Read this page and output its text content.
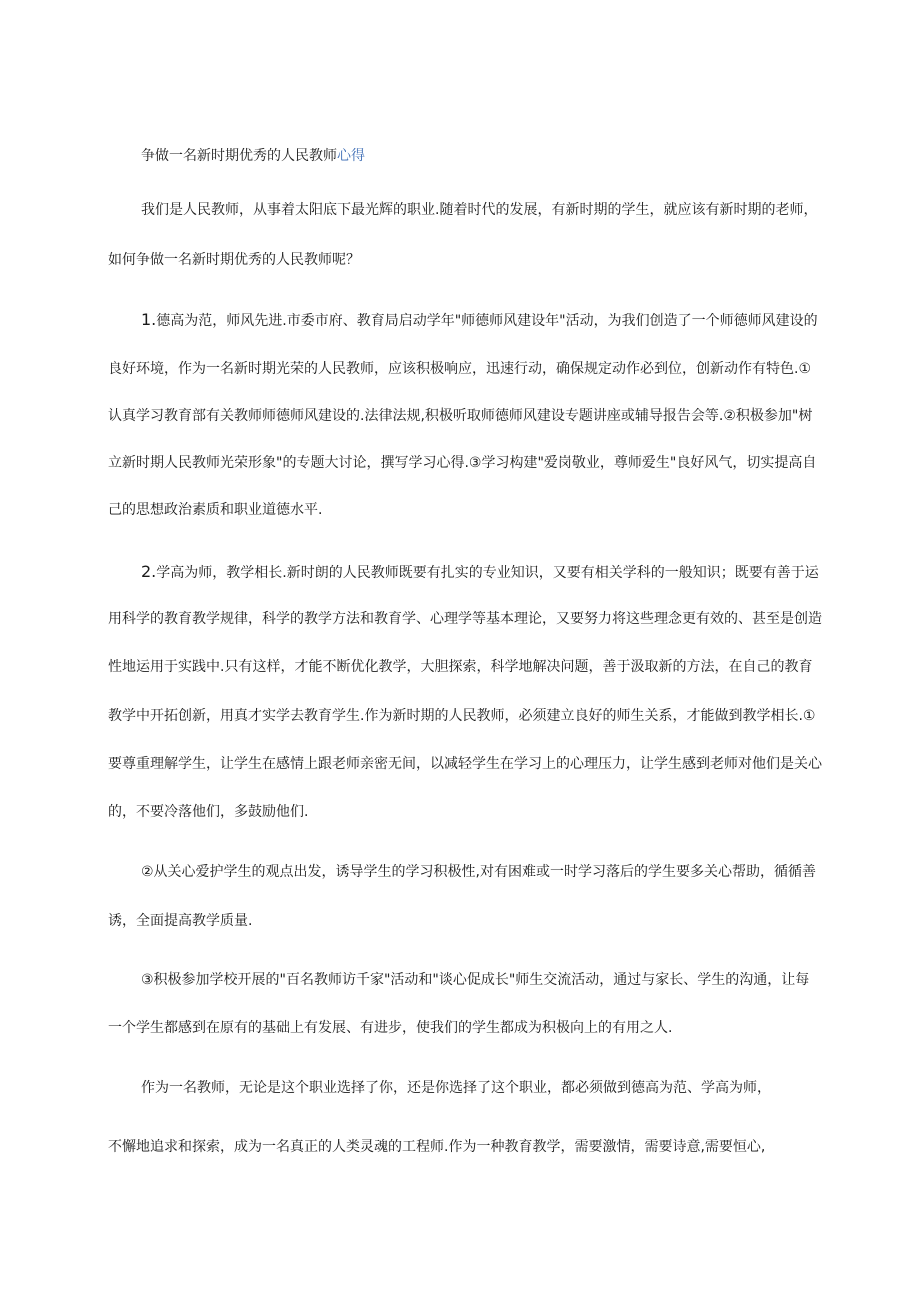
争做一名新时期优秀的人民教师心得
我们是人民教师，从事着太阳底下最光辉的职业.随着时代的发展，有新时期的学生，就应该有新时期的老师，
如何争做一名新时期优秀的人民教师呢？
1.德高为范，师风先进.市委市府、教育局启动学年"师德师风建设年"活动，为我们创造了一个师德师风建设的
良好环境，作为一名新时期光荣的人民教师，应该积极响应，迅速行动，确保规定动作必到位，创新动作有特色.①
认真学习教育部有关教师师德师风建设的.法律法规,积极听取师德师风建设专题讲座或辅导报告会等.②积极参加"树
立新时期人民教师光荣形象"的专题大讨论，撰写学习心得.③学习构建"爱岗敬业，尊师爱生"良好风气，切实提高自
己的思想政治素质和职业道德水平.
2.学高为师，教学相长.新时朗的人民教师既要有扎实的专业知识，又要有相关学科的一般知识；既要有善于运
用科学的教育教学规律，科学的教学方法和教育学、心理学等基本理论，又要努力将这些理念更有效的、甚至是创造
性地运用于实践中.只有这样，才能不断优化教学，大胆探索，科学地解决问题，善于汲取新的方法，在自己的教育
教学中开拓创新，用真才实学去教育学生.作为新时期的人民教师，必须建立良好的师生关系，才能做到教学相长.①
要尊重理解学生，让学生在感情上跟老师亲密无间，以减轻学生在学习上的心理压力，让学生感到老师对他们是关心
的，不要冷落他们，多鼓励他们.
②从关心爱护学生的观点出发，诱导学生的学习积极性,对有困难或一时学习落后的学生要多关心帮助，循循善
诱，全面提高教学质量.
③积极参加学校开展的"百名教师访千家"活动和"谈心促成长"师生交流活动，通过与家长、学生的沟通，让每
一个学生都感到在原有的基础上有发展、有进步，使我们的学生都成为积极向上的有用之人.
作为一名教师，无论是这个职业选择了你，还是你选择了这个职业，都必须做到德高为范、学高为师，
不懈地追求和探索，成为一名真正的人类灵魂的工程师.作为一种教育教学，需要激情，需要诗意,需要恒心,
